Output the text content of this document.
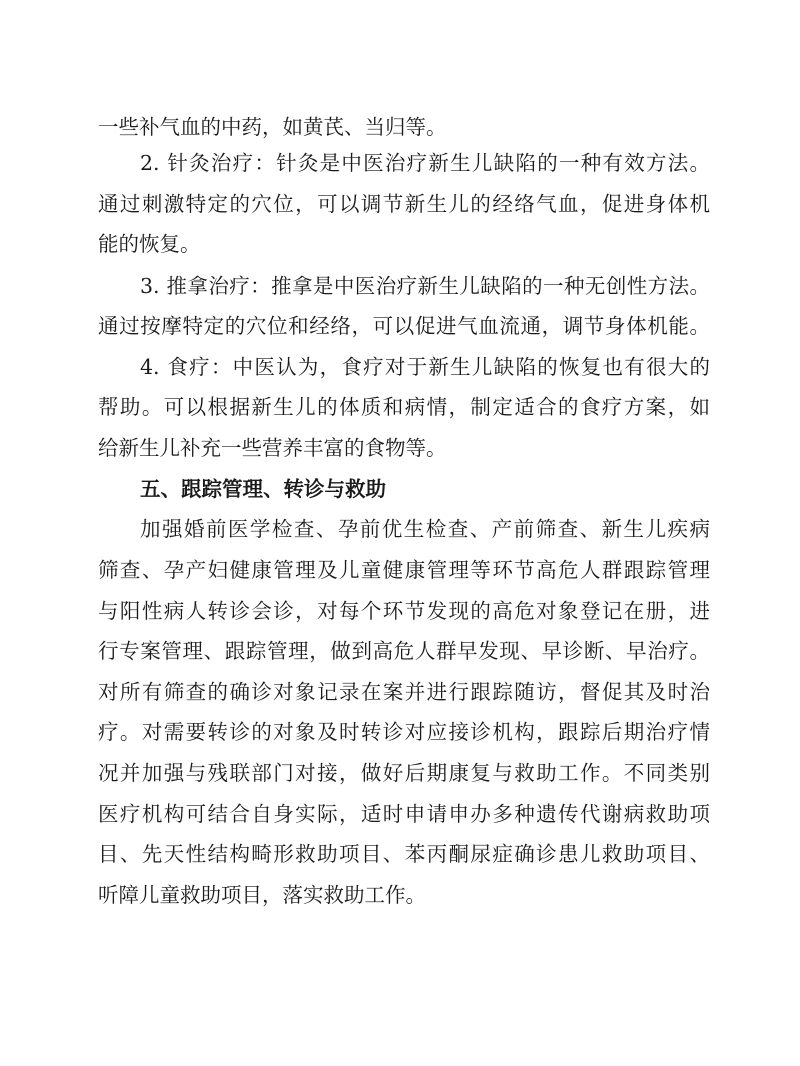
一些补气血的中药，如黄芪、当归等。
2. 针灸治疗：针灸是中医治疗新生儿缺陷的一种有效方法。
通过刺激特定的穴位，可以调节新生儿的经络气血，促进身体机
能的恢复。
3. 推拿治疗：推拿是中医治疗新生儿缺陷的一种无创性方法。
通过按摩特定的穴位和经络，可以促进气血流通，调节身体机能。
4. 食疗：中医认为，食疗对于新生儿缺陷的恢复也有很大的
帮助。可以根据新生儿的体质和病情，制定适合的食疗方案，如
给新生儿补充一些营养丰富的食物等。
五、跟踪管理、转诊与救助
加强婚前医学检查、孕前优生检查、产前筛查、新生儿疾病
筛查、孕产妇健康管理及儿童健康管理等环节高危人群跟踪管理
与阳性病人转诊会诊，对每个环节发现的高危对象登记在册，进
行专案管理、跟踪管理，做到高危人群早发现、早诊断、早治疗。
对所有筛查的确诊对象记录在案并进行跟踪随访，督促其及时治
疗。对需要转诊的对象及时转诊对应接诊机构，跟踪后期治疗情
况并加强与残联部门对接，做好后期康复与救助工作。不同类别
医疗机构可结合自身实际，适时申请申办多种遗传代谢病救助项
目、先天性结构畸形救助项目、苯丙酮尿症确诊患儿救助项目、
听障儿童救助项目，落实救助工作。
